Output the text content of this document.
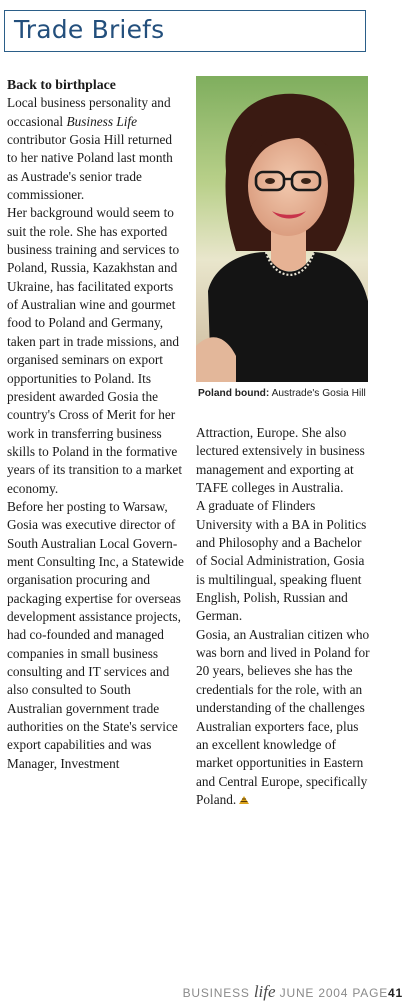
Trade Briefs

Back to birthplace

Local business personality and occasional Business Life contributor Gosia Hill returned to her native Poland last month as Austrade's senior trade commissioner.

Her background would seem to suit the role. She has exported business training and services to Poland, Russia, Kazakhstan and Ukraine, has facilitated exports of Australian wine and gourmet food to Poland and Germany, taken part in trade missions, and organised seminars on export opportunities to Poland. Its president awarded Gosia the country's Cross of Merit for her work in transferring business skills to Poland in the formative years of its transition to a market economy.

Before her posting to Warsaw, Gosia was executive director of South Australian Local Government Consulting Inc, a Statewide organisation procuring and packaging expertise for overseas development assistance projects, had co-founded and managed companies in small business consulting and IT services and also consulted to South Australian government trade authorities on the State's service export capabilities and was Manager, Investment

Poland bound: Austrade's Gosia Hill

Attraction, Europe. She also lectured extensively in business management and exporting at TAFE colleges in Australia.

A graduate of Flinders University with a BA in Politics and Philosophy and a Bachelor of Social Administration, Gosia is multilingual, speaking fluent English, Polish, Russian and German.

Gosia, an Australian citizen who was born and lived in Poland for 20 years, believes she has the credentials for the role, with an understanding of the challenges Australian exporters face, plus an excellent knowledge of market opportunities in Eastern and Central Europe, specifically Poland.

BUSINESS life JUNE 2004 PAGE41
